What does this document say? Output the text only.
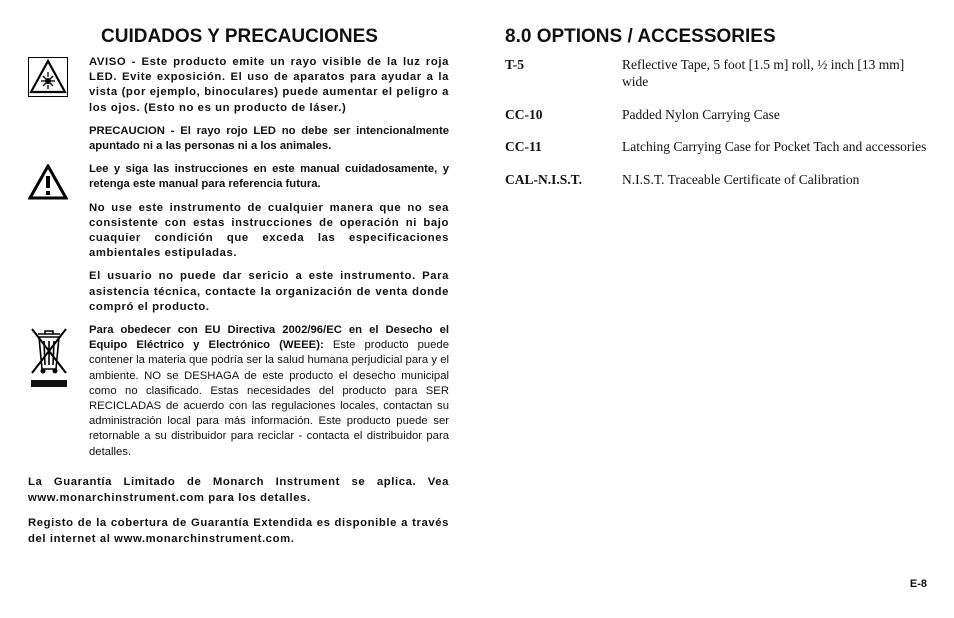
CUIDADOS Y PRECAUCIONES	8.0 OPTIONS / ACCESSORIES

AVISO - Este producto emite un rayo visible de la luz roja LED. Evite exposición. El uso de aparatos para ayudar a la vista (por ejemplo, binoculares) puede aumentar el peligro a los ojos. (Esto no es un producto de láser.)

PRECAUCION - El rayo rojo LED no debe ser intencionalmente apuntado ni a las personas ni a los animales.

Lee y siga las instrucciones en este manual cuidadosamente, y retenga este manual para referencia futura.

No use este instrumento de cualquier manera que no sea consistente con estas instrucciones de operación ni bajo cuaquier condición que exceda las especificaciones ambientales estipuladas.

El usuario no puede dar sericio a este instrumento. Para asistencia técnica, contacte la organización de venta donde compró el producto.

Para obedecer con EU Directiva 2002/96/EC en el Desecho el Equipo Eléctrico y Electrónico (WEEE): Este producto puede contener la materia que podría ser la salud humana perjudicial para y el ambiente. NO se DESHAGA de este producto el desecho municipal como no clasificado. Estas necesidades del producto para SER RECICLADAS de acuerdo con las regulaciones locales, contactan su administración local para más información. Este producto puede ser retornable a su distribuidor para reciclar - contacta el distribuidor para detalles.

La Guarantía Limitado de Monarch Instrument se aplica. Vea www.monarchinstrument.com para los detalles.

Registo de la cobertura de Guarantía Extendida es disponible a través del internet al www.monarchinstrument.com.

T-5	Reflective Tape, 5 foot [1.5 m] roll, ½ inch [13 mm] wide
CC-10	Padded Nylon Carrying Case
CC-11	Latching Carrying Case for Pocket Tach and accessories
CAL-N.I.S.T.	N.I.S.T. Traceable Certificate of Calibration
E-8
